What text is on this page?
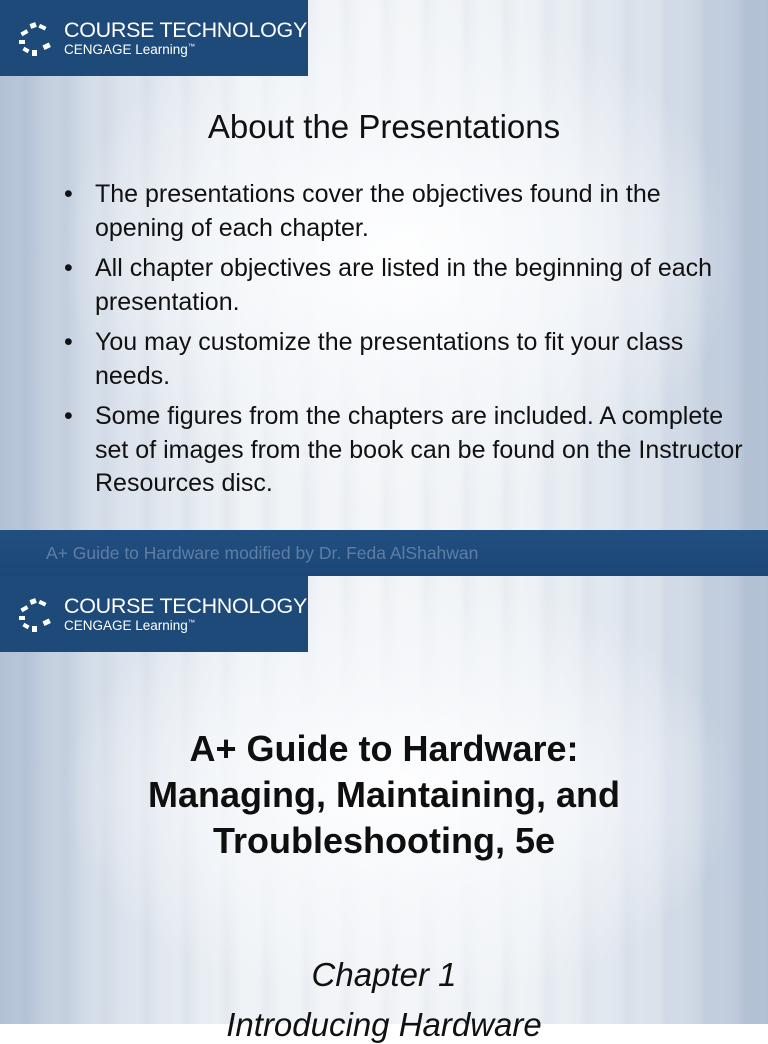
COURSE TECHNOLOGY
CENGAGE Learning™
About the Presentations
• The presentations cover the objectives found in the opening of each chapter.
• All chapter objectives are listed in the beginning of each presentation.
• You may customize the presentations to fit your class needs.
• Some figures from the chapters are included. A complete set of images from the book can be found on the Instructor Resources disc.
A+ Guide to Hardware modified by Dr. Feda AlShahwan
COURSE TECHNOLOGY
CENGAGE Learning™
A+ Guide to Hardware:
Managing, Maintaining, and
Troubleshooting, 5e
Chapter 1
Introducing Hardware
